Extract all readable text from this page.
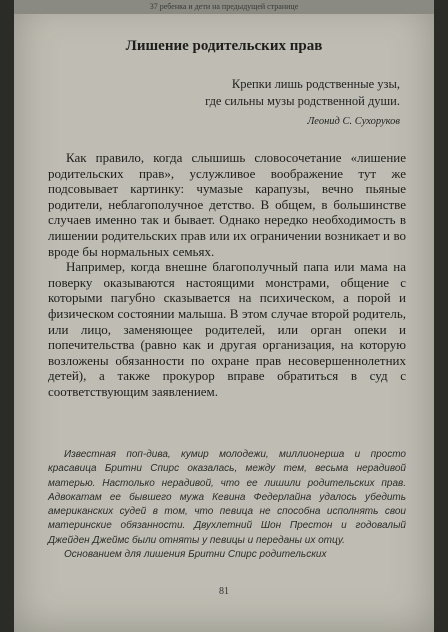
37 ребенка и дети на предыдущей странице
Лишение родительских прав
Крепки лишь родственные узы,
где сильны музы родственной души.
Леонид С. Сухоруков

Как правило, когда слышишь словосочетание «лишение родительских прав», услужливое воображение тут же подсовывает картинку: чумазые карапузы, вечно пьяные родители, неблагополучное детство. В общем, в большинстве случаев именно так и бывает. Однако нередко необходимость в лишении родительских прав или их ограничении возникает и во вроде бы нормальных семьях.

Например, когда внешне благополучный папа или мама на поверку оказываются настоящими монстрами, общение с которыми пагубно сказывается на психическом, а порой и физическом состоянии малыша. В этом случае второй родитель, или лицо, заменяющее родителей, или орган опеки и попечительства (равно как и другая организация, на которую возложены обязанности по охране прав несовершеннолетних детей), а также прокурор вправе обратиться в суд с соответствующим заявлением.

Известная поп-дива, кумир молодежи, миллионерша и просто красавица Бритни Спирс оказалась, между тем, весьма нерадивой матерью. Настолько нерадивой, что ее лишили родительских прав. Адвокатам ее бывшего мужа Кевина Федерлайна удалось убедить американских судей в том, что певица не способна исполнять свои материнские обязанности. Двухлетний Шон Престон и годовалый Джейден Джеймс были отняты у певицы и переданы их отцу.

Основанием для лишения Бритни Спирс родительских

81
